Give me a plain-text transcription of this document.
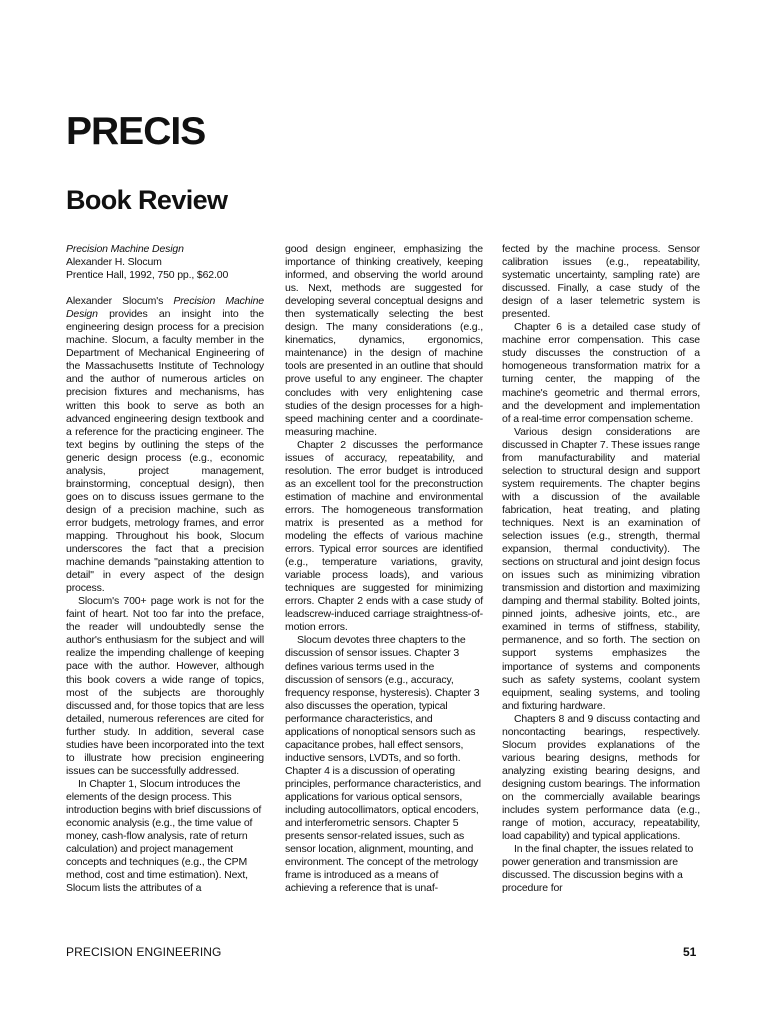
PRECIS
Book Review
Precision Machine Design
Alexander H. Slocum
Prentice Hall, 1992, 750 pp., $62.00

Alexander Slocum's Precision Machine Design provides an insight into the engineering design process for a precision machine. Slocum, a faculty member in the Department of Mechanical Engineering of the Massachusetts Institute of Technology and the author of numerous articles on precision fixtures and mechanisms, has written this book to serve as both an advanced engineering design textbook and a reference for the practicing engineer. The text begins by outlining the steps of the generic design process (e.g., economic analysis, project management, brainstorming, conceptual design), then goes on to discuss issues germane to the design of a precision machine, such as error budgets, metrology frames, and error mapping. Throughout his book, Slocum underscores the fact that a precision machine demands "painstaking attention to detail" in every aspect of the design process.

Slocum's 700+ page work is not for the faint of heart. Not too far into the preface, the reader will undoubtedly sense the author's enthusiasm for the subject and will realize the impending challenge of keeping pace with the author. However, although this book covers a wide range of topics, most of the subjects are thoroughly discussed and, for those topics that are less detailed, numerous references are cited for further study. In addition, several case studies have been incorporated into the text to illustrate how precision engineering issues can be successfully addressed.

In Chapter 1, Slocum introduces the elements of the design process. This introduction begins with brief discussions of economic analysis (e.g., the time value of money, cash-flow analysis, rate of return calculation) and project management concepts and techniques (e.g., the CPM method, cost and time estimation). Next, Slocum lists the attributes of a

good design engineer, emphasizing the importance of thinking creatively, keeping informed, and observing the world around us. Next, methods are suggested for developing several conceptual designs and then systematically selecting the best design. The many considerations (e.g., kinematics, dynamics, ergonomics, maintenance) in the design of machine tools are presented in an outline that should prove useful to any engineer. The chapter concludes with very enlightening case studies of the design processes for a high-speed machining center and a coordinate-measuring machine.

Chapter 2 discusses the performance issues of accuracy, repeatability, and resolution. The error budget is introduced as an excellent tool for the preconstruction estimation of machine and environmental errors. The homogeneous transformation matrix is presented as a method for modeling the effects of various machine errors. Typical error sources are identified (e.g., temperature variations, gravity, variable process loads), and various techniques are suggested for minimizing errors. Chapter 2 ends with a case study of leadscrew-induced carriage straightness-of-motion errors.

Slocum devotes three chapters to the discussion of sensor issues. Chapter 3 defines various terms used in the discussion of sensors (e.g., accuracy, frequency response, hysteresis). Chapter 3 also discusses the operation, typical performance characteristics, and applications of nonoptical sensors such as capacitance probes, hall effect sensors, inductive sensors, LVDTs, and so forth. Chapter 4 is a discussion of operating principles, performance characteristics, and applications for various optical sensors, including autocollimators, optical encoders, and interferometric sensors. Chapter 5 presents sensor-related issues, such as sensor location, alignment, mounting, and environment. The concept of the metrology frame is introduced as a means of achieving a reference that is unaf-

fected by the machine process. Sensor calibration issues (e.g., repeatability, systematic uncertainty, sampling rate) are discussed. Finally, a case study of the design of a laser telemetric system is presented.

Chapter 6 is a detailed case study of machine error compensation. This case study discusses the construction of a homogeneous transformation matrix for a turning center, the mapping of the machine's geometric and thermal errors, and the development and implementation of a real-time error compensation scheme.

Various design considerations are discussed in Chapter 7. These issues range from manufacturability and material selection to structural design and support system requirements. The chapter begins with a discussion of the available fabrication, heat treating, and plating techniques. Next is an examination of selection issues (e.g., strength, thermal expansion, thermal conductivity). The sections on structural and joint design focus on issues such as minimizing vibration transmission and distortion and maximizing damping and thermal stability. Bolted joints, pinned joints, adhesive joints, etc., are examined in terms of stiffness, stability, permanence, and so forth. The section on support systems emphasizes the importance of systems and components such as safety systems, coolant system equipment, sealing systems, and tooling and fixturing hardware.

Chapters 8 and 9 discuss contacting and noncontacting bearings, respectively. Slocum provides explanations of the various bearing designs, methods for analyzing existing bearing designs, and designing custom bearings. The information on the commercially available bearings includes system performance data (e.g., range of motion, accuracy, repeatability, load capability) and typical applications.

In the final chapter, the issues related to power generation and transmission are discussed. The discussion begins with a procedure for

PRECISION ENGINEERING	51
